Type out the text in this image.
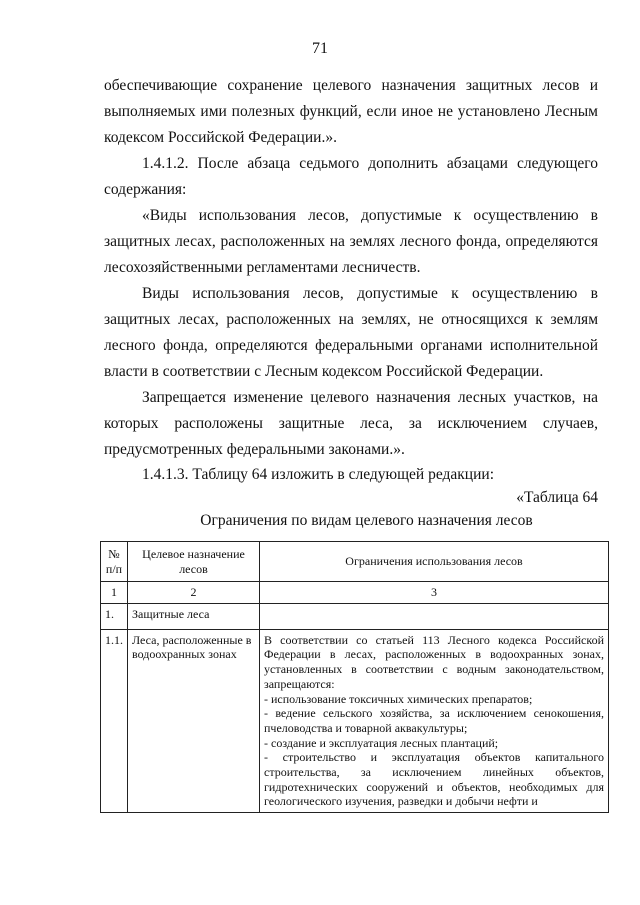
71

обеспечивающие сохранение целевого назначения защитных лесов и выполняемых ими полезных функций, если иное не установлено Лесным кодексом Российской Федерации.».

1.4.1.2. После абзаца седьмого дополнить абзацами следующего содержания:

«Виды использования лесов, допустимые к осуществлению в защитных лесах, расположенных на землях лесного фонда, определяются лесохозяйственными регламентами лесничеств.

Виды использования лесов, допустимые к осуществлению в защитных лесах, расположенных на землях, не относящихся к землям лесного фонда, определяются федеральными органами исполнительной власти в соответствии с Лесным кодексом Российской Федерации.

Запрещается изменение целевого назначения лесных участков, на которых расположены защитные леса, за исключением случаев, предусмотренных федеральными законами.».

1.4.1.3. Таблицу 64 изложить в следующей редакции:

«Таблица 64
Ограничения по видам целевого назначения лесов
№ п/п	Целевое назначение лесов	Ограничения использования лесов
1	2	3
1.	Защитные леса	
1.1.	Леса, расположенные в водоохранных зонах	В соответствии со статьей 113 Лесного кодекса Российской Федерации в лесах, расположенных в водоохранных зонах, установленных в соответствии с водным законодательством, запрещаются:
- использование токсичных химических препаратов;
- ведение сельского хозяйства, за исключением сенокошения, пчеловодства и товарной аквакультуры;
- создание и эксплуатация лесных плантаций;
- строительство и эксплуатация объектов капитального строительства, за исключением линейных объектов, гидротехнических сооружений и объектов, необходимых для геологического изучения, разведки и добычи нефти и
